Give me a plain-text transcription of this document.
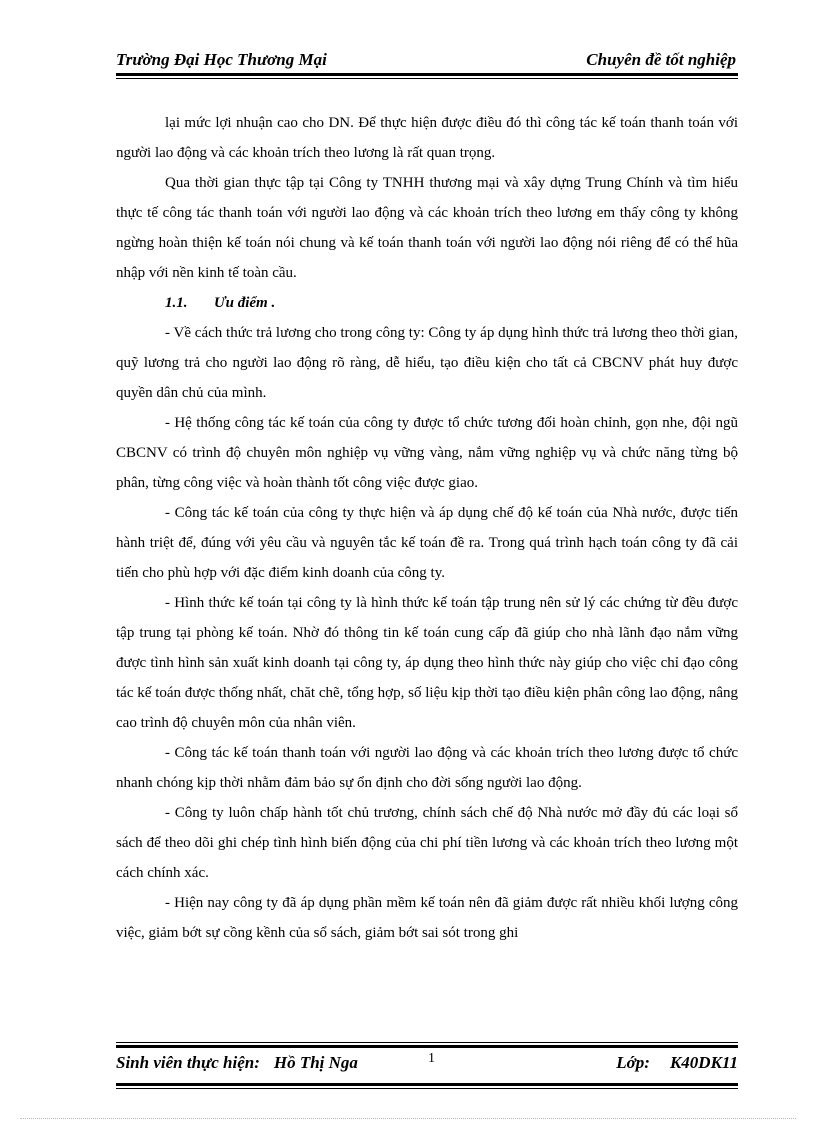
Trường Đại Học Thương Mại	Chuyên đề tốt nghiệp

lại mức lợi nhuận cao cho DN. Để thực hiện được điều đó thì công tác kế toán thanh toán với người lao động và các khoản trích theo lương là rất quan trọng.

Qua thời gian thực tập tại Công ty TNHH thương mại và xây dựng Trung Chính và tìm hiểu thực tế công tác thanh toán với người lao động và các khoản trích theo lương em thấy công ty không ngừng hoàn thiện kế toán nói chung và kế toán thanh toán với người lao động nói riêng để có thể hũa nhập với nền kinh tế toàn cầu.

1.1. Ưu điểm .

- Về cách thức trả lương cho trong công ty: Công ty áp dụng hình thức trả lương theo thời gian, quỹ lương trả cho người lao động rõ ràng, dễ hiểu, tạo điều kiện cho tất cả CBCNV phát huy được quyền dân chủ của mình.

- Hệ thống công tác kế toán của công ty được tổ chức tương đối hoàn chỉnh, gọn nhe, đội ngũ CBCNV có trình độ chuyên môn nghiệp vụ vững vàng, nắm vững nghiệp vụ và chức năng từng bộ phân, từng công việc và hoàn thành tốt công việc được giao.

- Công tác kế toán của công ty thực hiện và áp dụng chế độ kế toán của Nhà nước, được tiến hành triệt để, đúng với yêu cầu và nguyên tắc kế toán đề ra. Trong quá trình hạch toán công ty đã cải tiến cho phù hợp với đặc điểm kinh doanh của công ty.

- Hình thức kế toán tại công ty là hình thức kế toán tập trung nên sử lý các chứng từ đều được tập trung tại phòng kế toán. Nhờ đó thông tin kế toán cung cấp đã giúp cho nhà lãnh đạo nắm vững được tình hình sản xuất kinh doanh tại công ty, áp dụng theo hình thức này giúp cho việc chỉ đạo công tác kế toán được thống nhất, chăt chẽ, tổng hợp, số liệu kịp thời tạo điều kiện phân công lao động, nâng cao trình độ chuyên môn của nhân viên.

- Công tác kế toán thanh toán với người lao động và các khoản trích theo lương được tổ chức nhanh chóng kịp thời nhằm đảm bảo sự ổn định cho đời sống người lao động.

- Công ty luôn chấp hành tốt chủ trương, chính sách chế độ Nhà nước mở đầy đủ các loại sổ sách để theo dõi ghi chép tình hình biến động của chi phí tiền lương và các khoản trích theo lương một cách chính xác.

- Hiện nay công ty đã áp dụng phần mềm kế toán nên đã giảm được rất nhiều khối lượng công việc, giảm bớt sự cồng kềnh của sổ sách, giảm bớt sai sót trong ghi

Sinh viên thực hiện: Hồ Thị Nga	1	Lớp: K40DK11
